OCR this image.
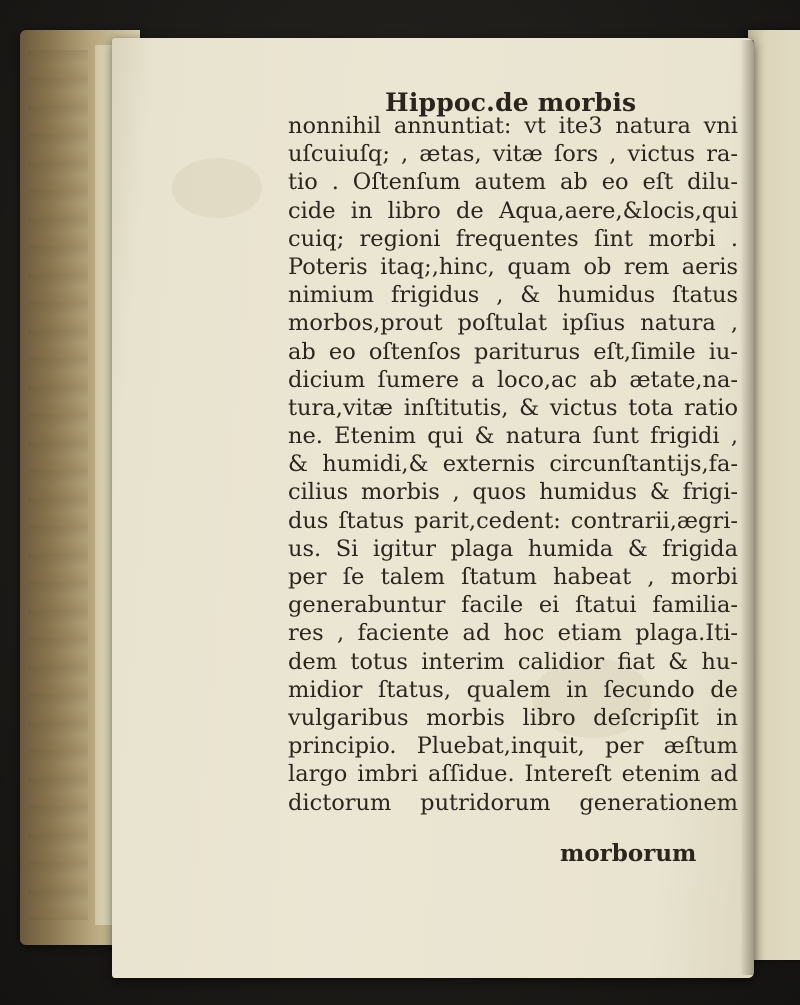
Hippoc.de morbis
nonnihil annuntiat: vt ite3 natura vni
uſcuiuſq; , ætas, vitæ ſors , victus ra-
tio . Oſtenſum autem ab eo eſt dilu-
cide in libro de Aqua,aere,&locis,qui
cuiq; regioni frequentes ſint morbi .
Poteris itaq;,hinc, quam ob rem aeris
nimium frigidus , & humidus ſtatus
morbos,prout poſtulat ipſius natura ,
ab eo oſtenſos pariturus eſt,ſimile iu-
dicium ſumere a loco,ac ab ætate,na-
tura,vitæ inſtitutis, & victus tota ratio
ne. Etenim qui & natura ſunt frigidi ,
& humidi,& externis circunſtantijs,fa-
cilius morbis , quos humidus & frigi-
dus ſtatus parit,cedent: contrarii,ægri-
us. Si igitur plaga humida & frigida
per ſe talem ſtatum habeat , morbi
generabuntur facile ei ſtatui familia-
res , faciente ad hoc etiam plaga.Iti-
dem totus interim calidior fiat & hu-
midior ſtatus, qualem in ſecundo de
vulgaribus morbis libro deſcripſit in
principio. Pluebat,inquit, per æſtum
largo imbri aſſidue. Intereſt etenim ad
dictorum putridorum generationem
morborum
